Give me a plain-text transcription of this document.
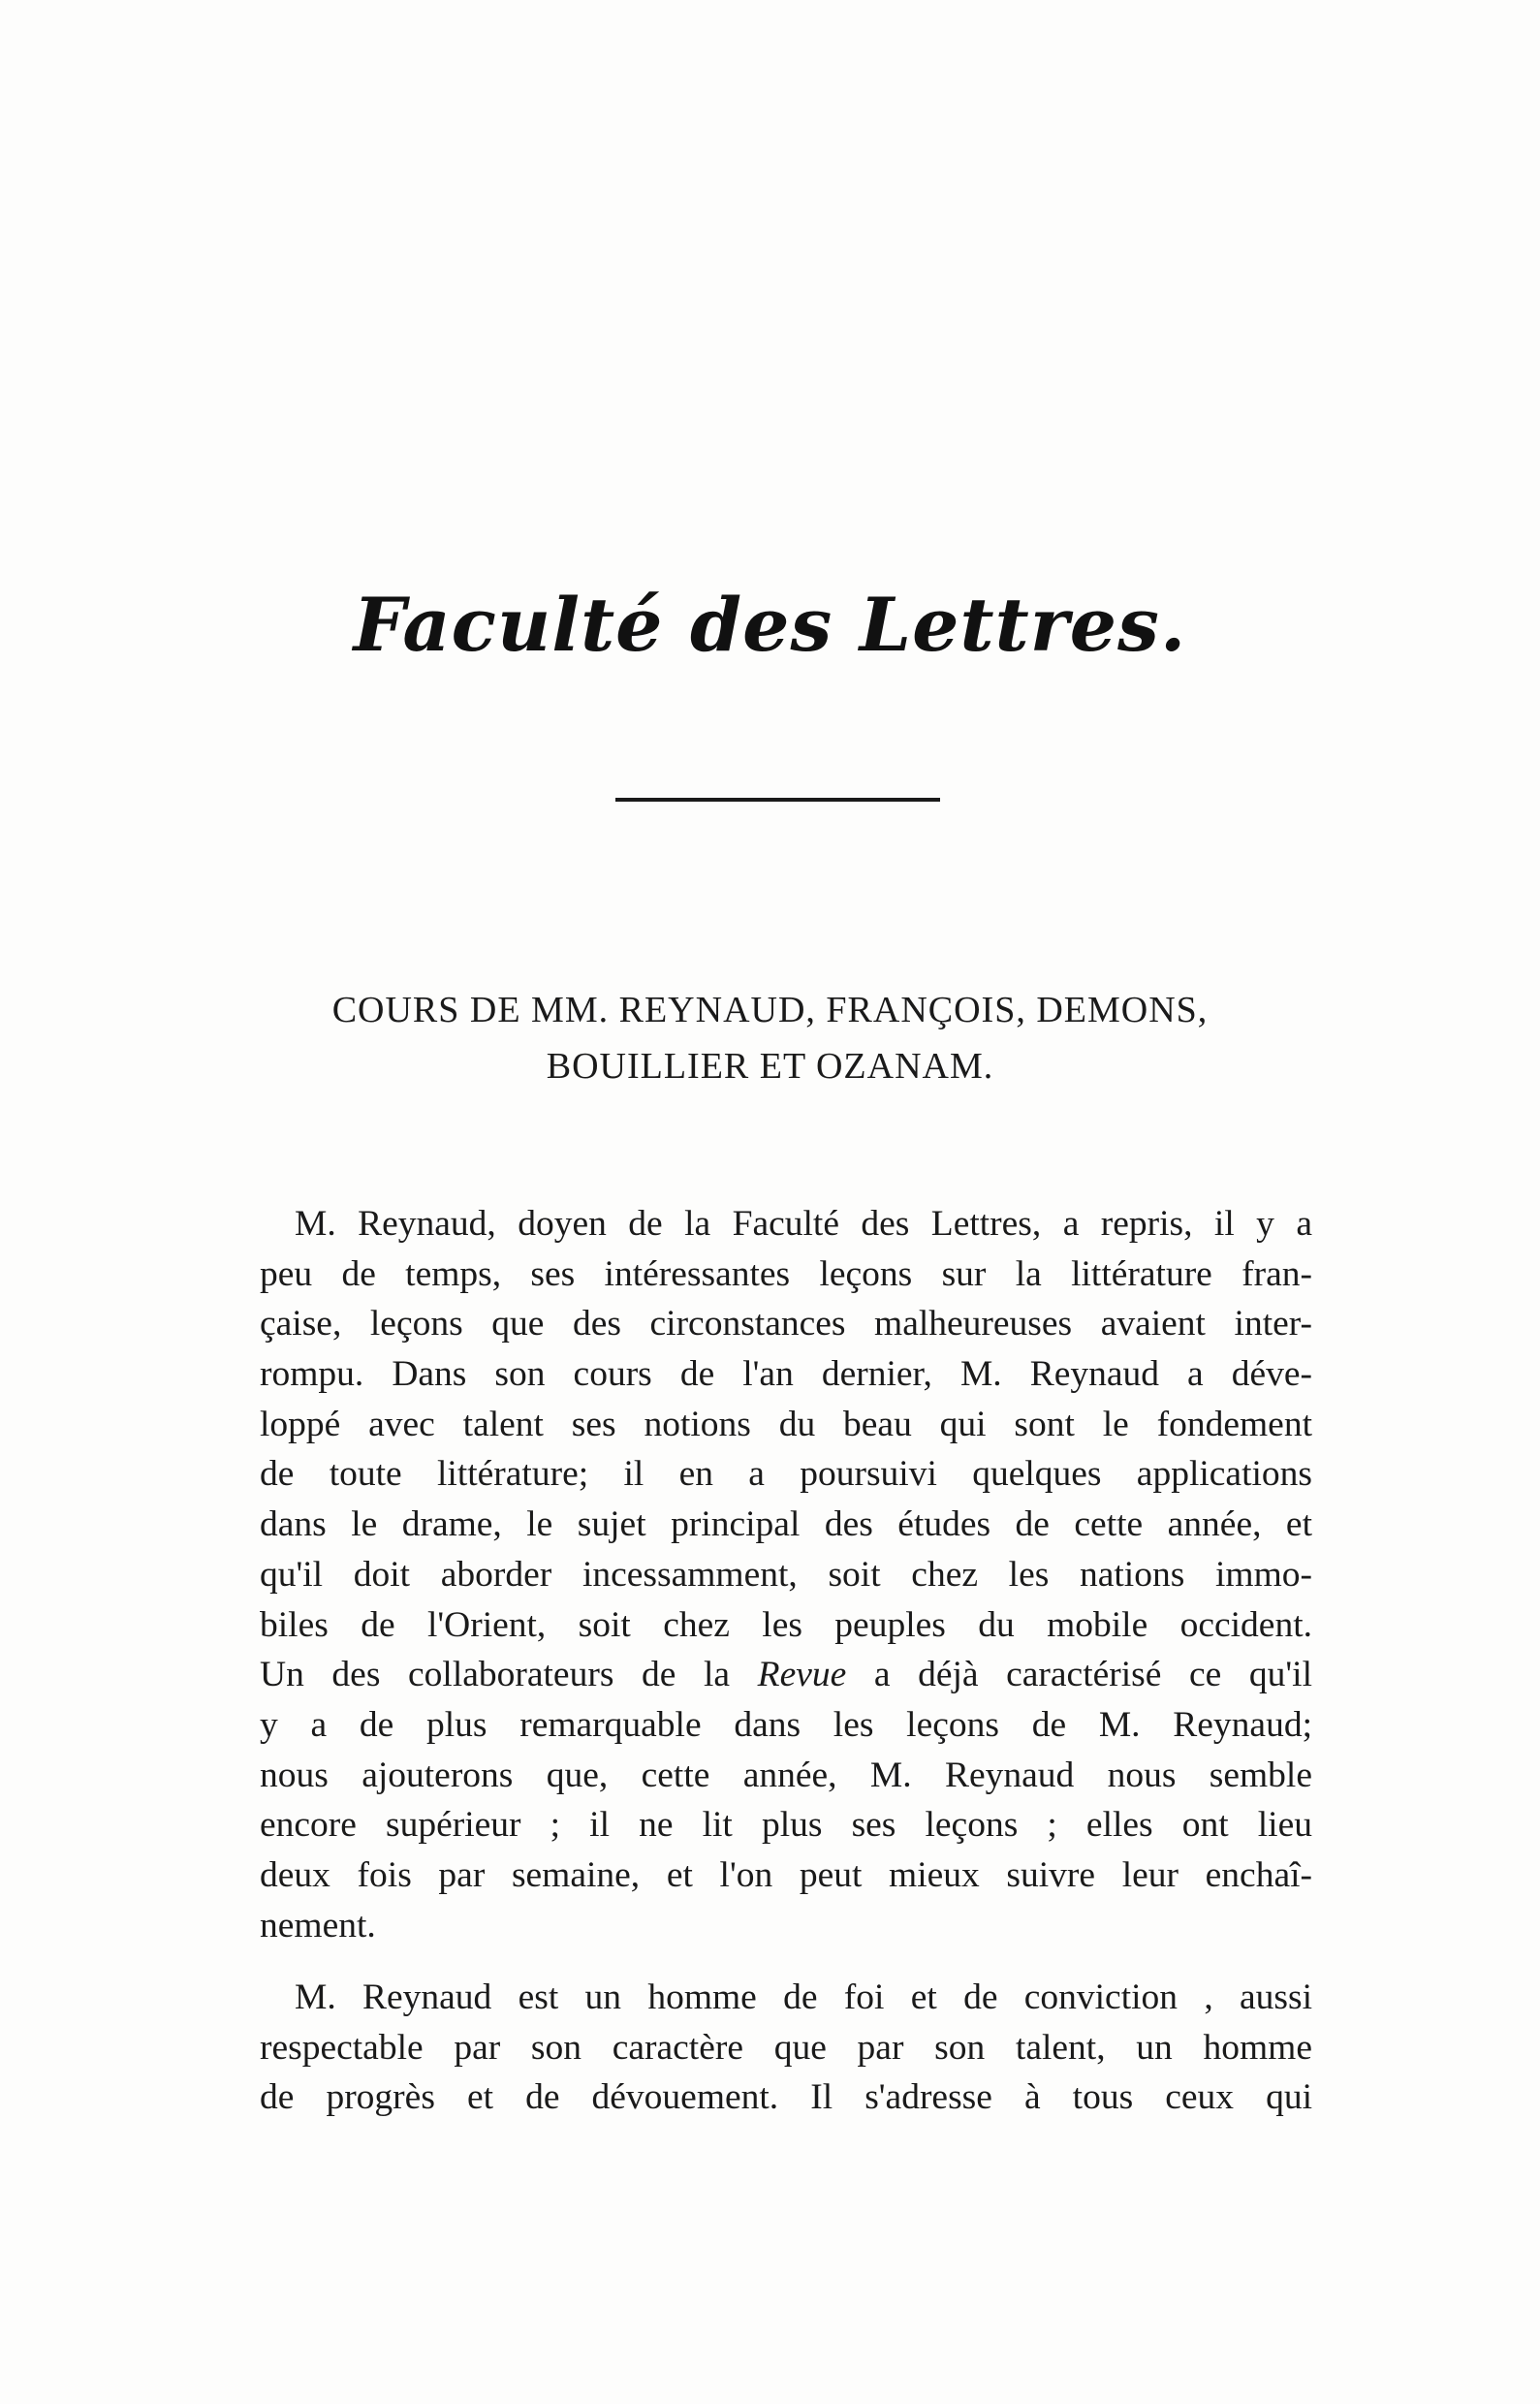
Faculté des Lettres.
COURS DE MM. REYNAUD, FRANÇOIS, DEMONS,
BOUILLIER ET OZANAM.
M. Reynaud, doyen de la Faculté des Lettres, a repris, il y a
peu de temps, ses intéressantes leçons sur la littérature fran-
çaise, leçons que des circonstances malheureuses avaient inter-
rompu. Dans son cours de l'an dernier, M. Reynaud a déve-
loppé avec talent ses notions du beau qui sont le fondement
de toute littérature; il en a poursuivi quelques applications
dans le drame, le sujet principal des études de cette année, et
qu'il doit aborder incessamment, soit chez les nations immo-
biles de l'Orient, soit chez les peuples du mobile occident.
Un des collaborateurs de la Revue a déjà caractérisé ce qu'il
y a de plus remarquable dans les leçons de M. Reynaud;
nous ajouterons que, cette année, M. Reynaud nous semble
encore supérieur ; il ne lit plus ses leçons ; elles ont lieu
deux fois par semaine, et l'on peut mieux suivre leur enchaî-
nement.
M. Reynaud est un homme de foi et de conviction , aussi
respectable par son caractère que par son talent, un homme
de progrès et de dévouement. Il s'adresse à tous ceux qui
